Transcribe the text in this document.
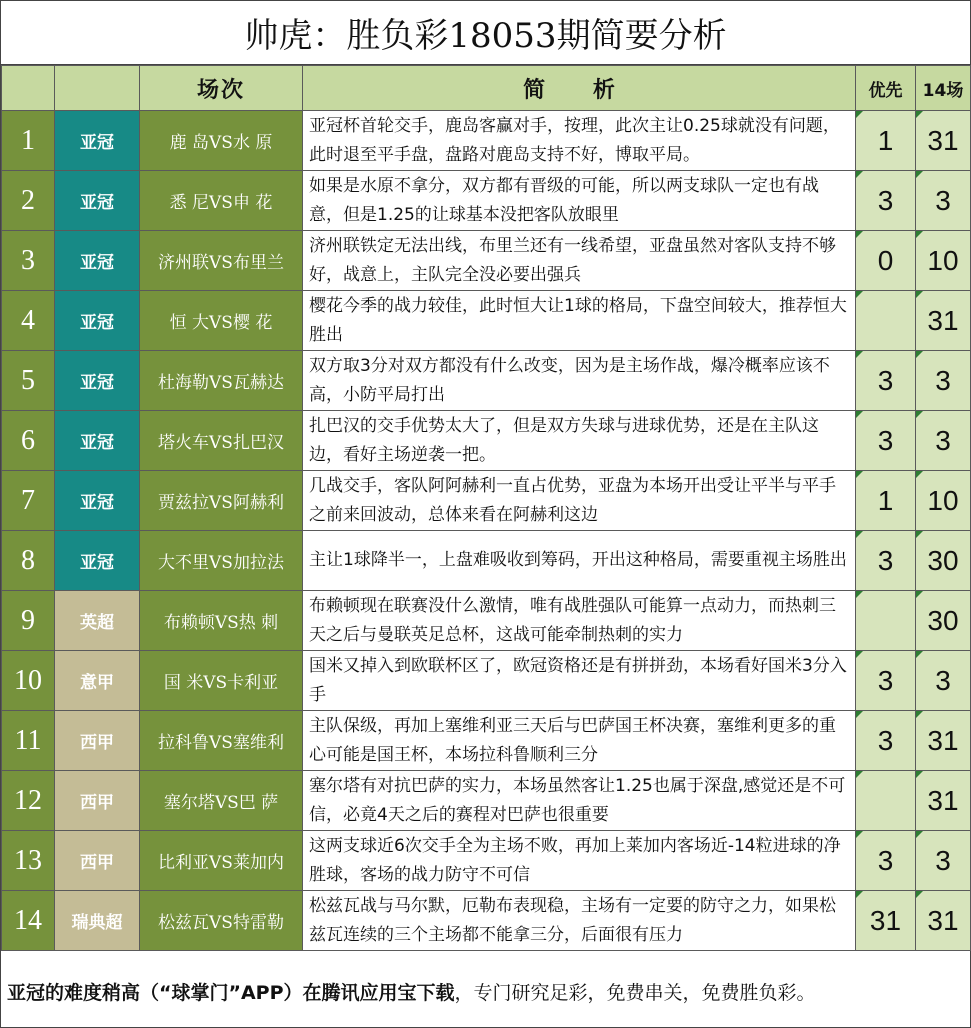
帅虎：胜负彩18053期简要分析
		场次	简 析	优先	14场
1	亚冠	鹿 岛VS水 原	亚冠杯首轮交手，鹿岛客赢对手，按理，此次主让0.25球就没有问题，此时退至平手盘，盘路对鹿岛支持不好，博取平局。	1	31
2	亚冠	悉 尼VS申 花	如果是水原不拿分，双方都有晋级的可能，所以两支球队一定也有战意，但是1.25的让球基本没把客队放眼里	3	3
3	亚冠	济州联VS布里兰	济州联铁定无法出线，布里兰还有一线希望，亚盘虽然对客队支持不够好，战意上，主队完全没必要出强兵	0	10
4	亚冠	恒 大VS樱 花	樱花今季的战力较佳，此时恒大让1球的格局，下盘空间较大，推荐恒大胜出		31
5	亚冠	杜海勒VS瓦赫达	双方取3分对双方都没有什么改变，因为是主场作战，爆冷概率应该不高，小防平局打出	3	3
6	亚冠	塔火车VS扎巴汉	扎巴汉的交手优势太大了，但是双方失球与进球优势，还是在主队这边，看好主场逆袭一把。	3	3
7	亚冠	贾兹拉VS阿赫利	几战交手，客队阿阿赫利一直占优势，亚盘为本场开出受让平半与平手之前来回波动，总体来看在阿赫利这边	1	10
8	亚冠	大不里VS加拉法	主让1球降半一，上盘难吸收到筹码，开出这种格局，需要重视主场胜出	3	30
9	英超	布赖顿VS热 刺	布赖顿现在联赛没什么激情，唯有战胜强队可能算一点动力，而热刺三天之后与曼联英足总杯，这战可能牵制热刺的实力		30
10	意甲	国 米VS卡利亚	国米又掉入到欧联杯区了，欧冠资格还是有拼拼劲，本场看好国米3分入手	3	3
11	西甲	拉科鲁VS塞维利	主队保级，再加上塞维利亚三天后与巴萨国王杯决赛，塞维利更多的重心可能是国王杯，本场拉科鲁顺利三分	3	31
12	西甲	塞尔塔VS巴 萨	塞尔塔有对抗巴萨的实力，本场虽然客让1.25也属于深盘,感觉还是不可信，必竟4天之后的赛程对巴萨也很重要		31
13	西甲	比利亚VS莱加内	这两支球近6次交手全为主场不败，再加上莱加内客场近-14粒进球的净胜球，客场的战力防守不可信	3	3
14	瑞典超	松兹瓦VS特雷勒	松兹瓦战与马尔默，厄勒布表现稳，主场有一定要的防守之力，如果松兹瓦连续的三个主场都不能拿三分，后面很有压力	31	31
亚冠的难度稍高（“球掌门”APP）在腾讯应用宝下载 ，专门研究足彩，免费串关，免费胜负彩。
